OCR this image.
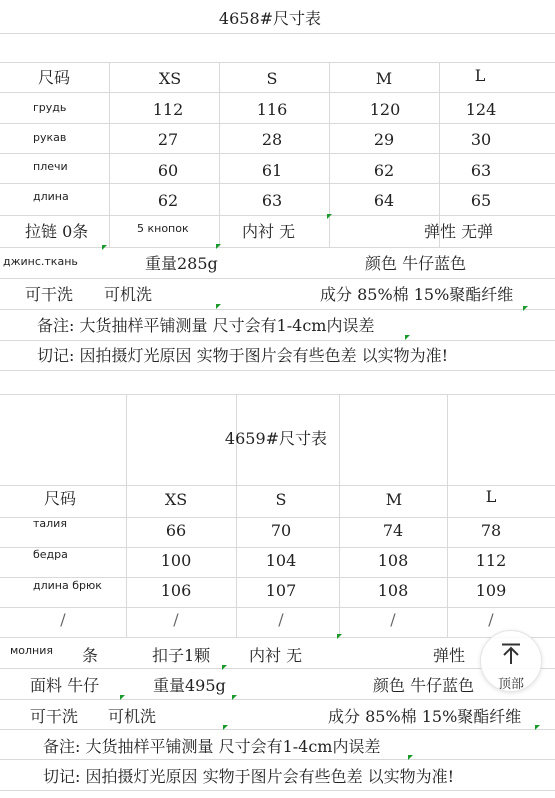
4658#尺寸表
尺码	XS	S	M	L
грудь	112	116	120	124
рукав	27	28	29	30
плечи	60	61	62	63
длина	62	63	64	65
拉链 0条	5 кнопок	内衬 无	弹性 无弹
джинс.ткань	重量285g	颜色 牛仔蓝色
可干洗 可机洗	成分 85%棉 15%聚酯纤维
备注: 大货抽样平铺测量 尺寸会有1-4cm内误差
切记: 因拍摄灯光原因 实物于图片会有些色差 以实物为准!
4659#尺寸表
尺码	XS	S	M	L
талия	66	70	74	78
бедра	100	104	108	112
длина брюк	106	107	108	109
/	/	/	/	/
молния 条	扣子1颗 内衬 无	弹性
面料 牛仔	重量495g	颜色 牛仔蓝色
可干洗 可机洗	成分 85%棉 15%聚酯纤维
备注: 大货抽样平铺测量 尺寸会有1-4cm内误差
切记: 因拍摄灯光原因 实物于图片会有些色差 以实物为准!
顶部
